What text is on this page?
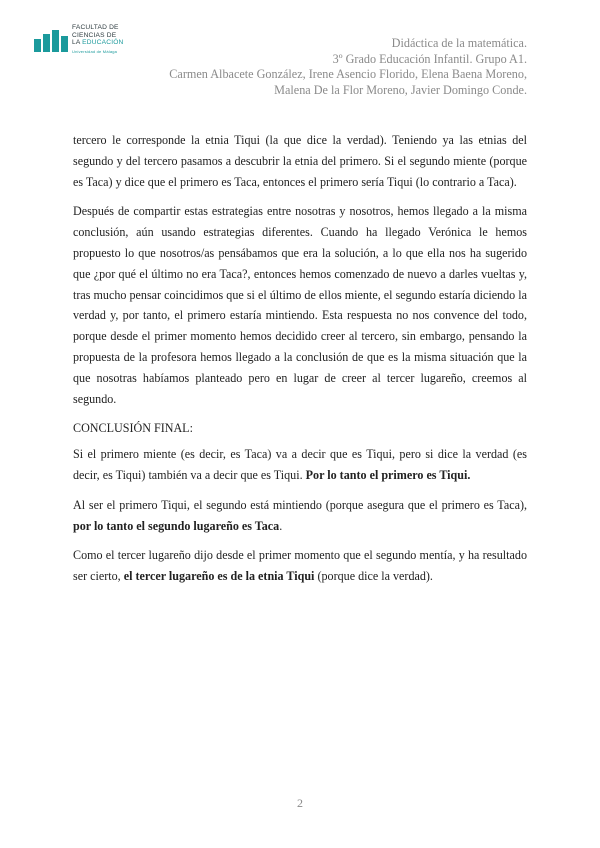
FACULTAD DE
CIENCIAS DE
LA EDUCACIÓN
Universidad de Málaga
Didáctica de la matemática.
3º Grado Educación Infantil. Grupo A1.
Carmen Albacete González, Irene Asencio Florido, Elena Baena Moreno,
Malena De la Flor Moreno, Javier Domingo Conde.

tercero le corresponde la etnia Tiqui (la que dice la verdad). Teniendo ya las etnias del segundo y del tercero pasamos a descubrir la etnia del primero. Si el segundo miente (porque es Taca) y dice que el primero es Taca, entonces el primero sería Tiqui (lo contrario a Taca).

Después de compartir estas estrategias entre nosotras y nosotros, hemos llegado a la misma conclusión, aún usando estrategias diferentes. Cuando ha llegado Verónica le hemos propuesto lo que nosotros/as pensábamos que era la solución, a lo que ella nos ha sugerido que ¿por qué el último no era Taca?, entonces hemos comenzado de nuevo a darles vueltas y, tras mucho pensar coincidimos que si el último de ellos miente, el segundo estaría diciendo la verdad y, por tanto, el primero estaría mintiendo. Esta respuesta no nos convence del todo, porque desde el primer momento hemos decidido creer al tercero, sin embargo, pensando la propuesta de la profesora hemos llegado a la conclusión de que es la misma situación que la que nosotras habíamos planteado pero en lugar de creer al tercer lugareño, creemos al segundo.

CONCLUSIÓN FINAL:

Si el primero miente (es decir, es Taca) va a decir que es Tiqui, pero si dice la verdad (es decir, es Tiqui) también va a decir que es Tiqui. Por lo tanto el primero es Tiqui.

Al ser el primero Tiqui, el segundo está mintiendo (porque asegura que el primero es Taca), por lo tanto el segundo lugareño es Taca.

Como el tercer lugareño dijo desde el primer momento que el segundo mentía, y ha resultado ser cierto, el tercer lugareño es de la etnia Tiqui (porque dice la verdad).

2
